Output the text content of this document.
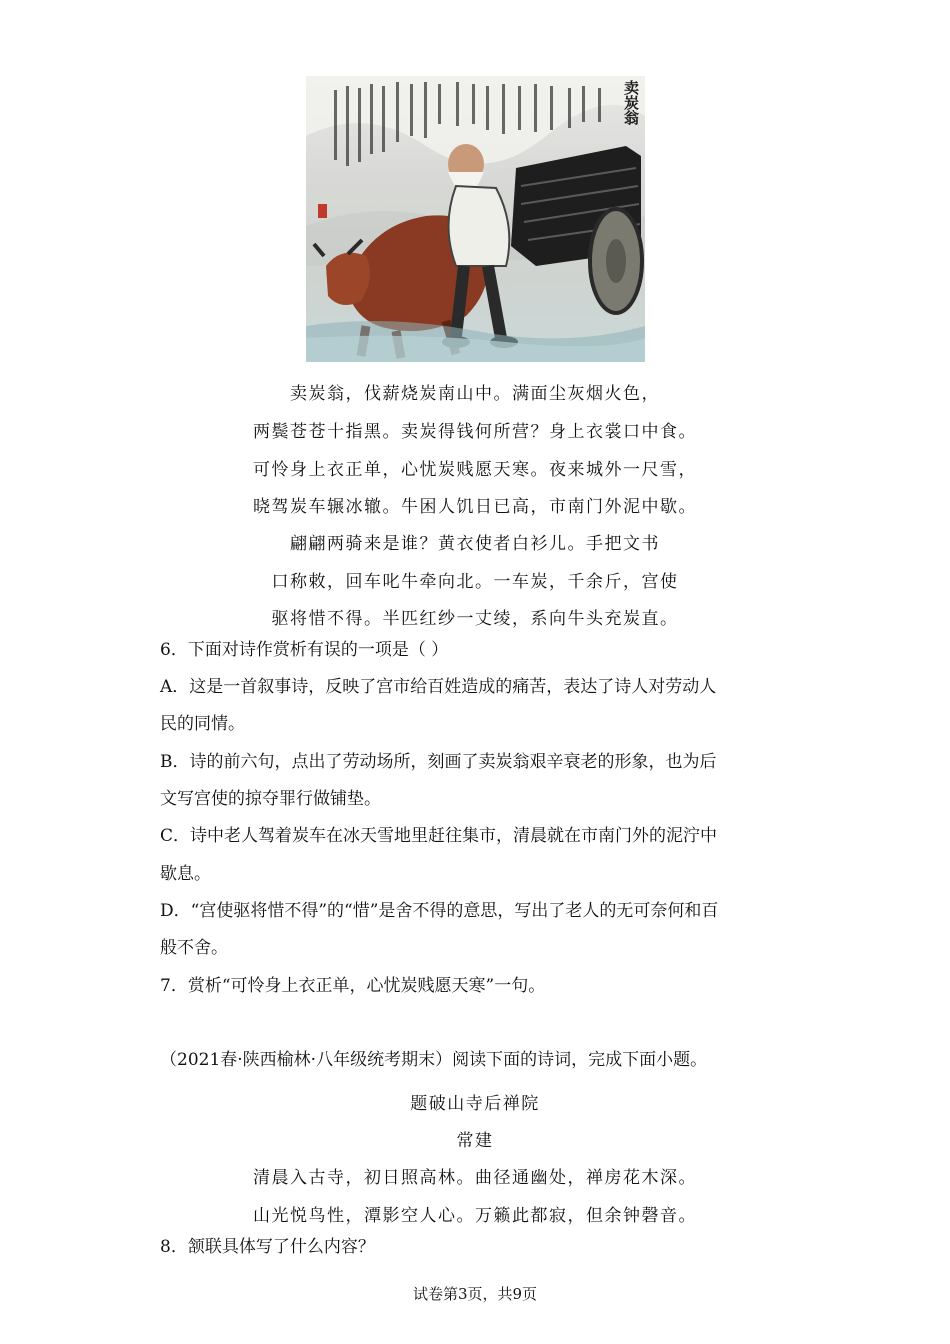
卖炭翁
卖炭翁，伐薪烧炭南山中。满面尘灰烟火色，
两鬓苍苍十指黑。卖炭得钱何所营？身上衣裳口中食。
可怜身上衣正单，心忧炭贱愿天寒。夜来城外一尺雪，
晓驾炭车辗冰辙。牛困人饥日已高，市南门外泥中歇。
翩翩两骑来是谁？黄衣使者白衫儿。手把文书
口称敕，回车叱牛牵向北。一车炭，千余斤，宫使
驱将惜不得。半匹红纱一丈绫，系向牛头充炭直。
6．下面对诗作赏析有误的一项是（ ）
A．这是一首叙事诗，反映了宫市给百姓造成的痛苦，表达了诗人对劳动人
民的同情。
B．诗的前六句，点出了劳动场所，刻画了卖炭翁艰辛衰老的形象，也为后
文写宫使的掠夺罪行做铺垫。
C．诗中老人驾着炭车在冰天雪地里赶往集市，清晨就在市南门外的泥泞中
歇息。
D．“宫使驱将惜不得”的“惜”是舍不得的意思，写出了老人的无可奈何和百
般不舍。
7．赏析“可怜身上衣正单，心忧炭贱愿天寒”一句。
（2021春·陕西榆林·八年级统考期末）阅读下面的诗词，完成下面小题。
题破山寺后禅院
常建
清晨入古寺，初日照高林。曲径通幽处，禅房花木深。
山光悦鸟性，潭影空人心。万籁此都寂，但余钟磬音。
8．颔联具体写了什么内容？
试卷第3页，共9页
